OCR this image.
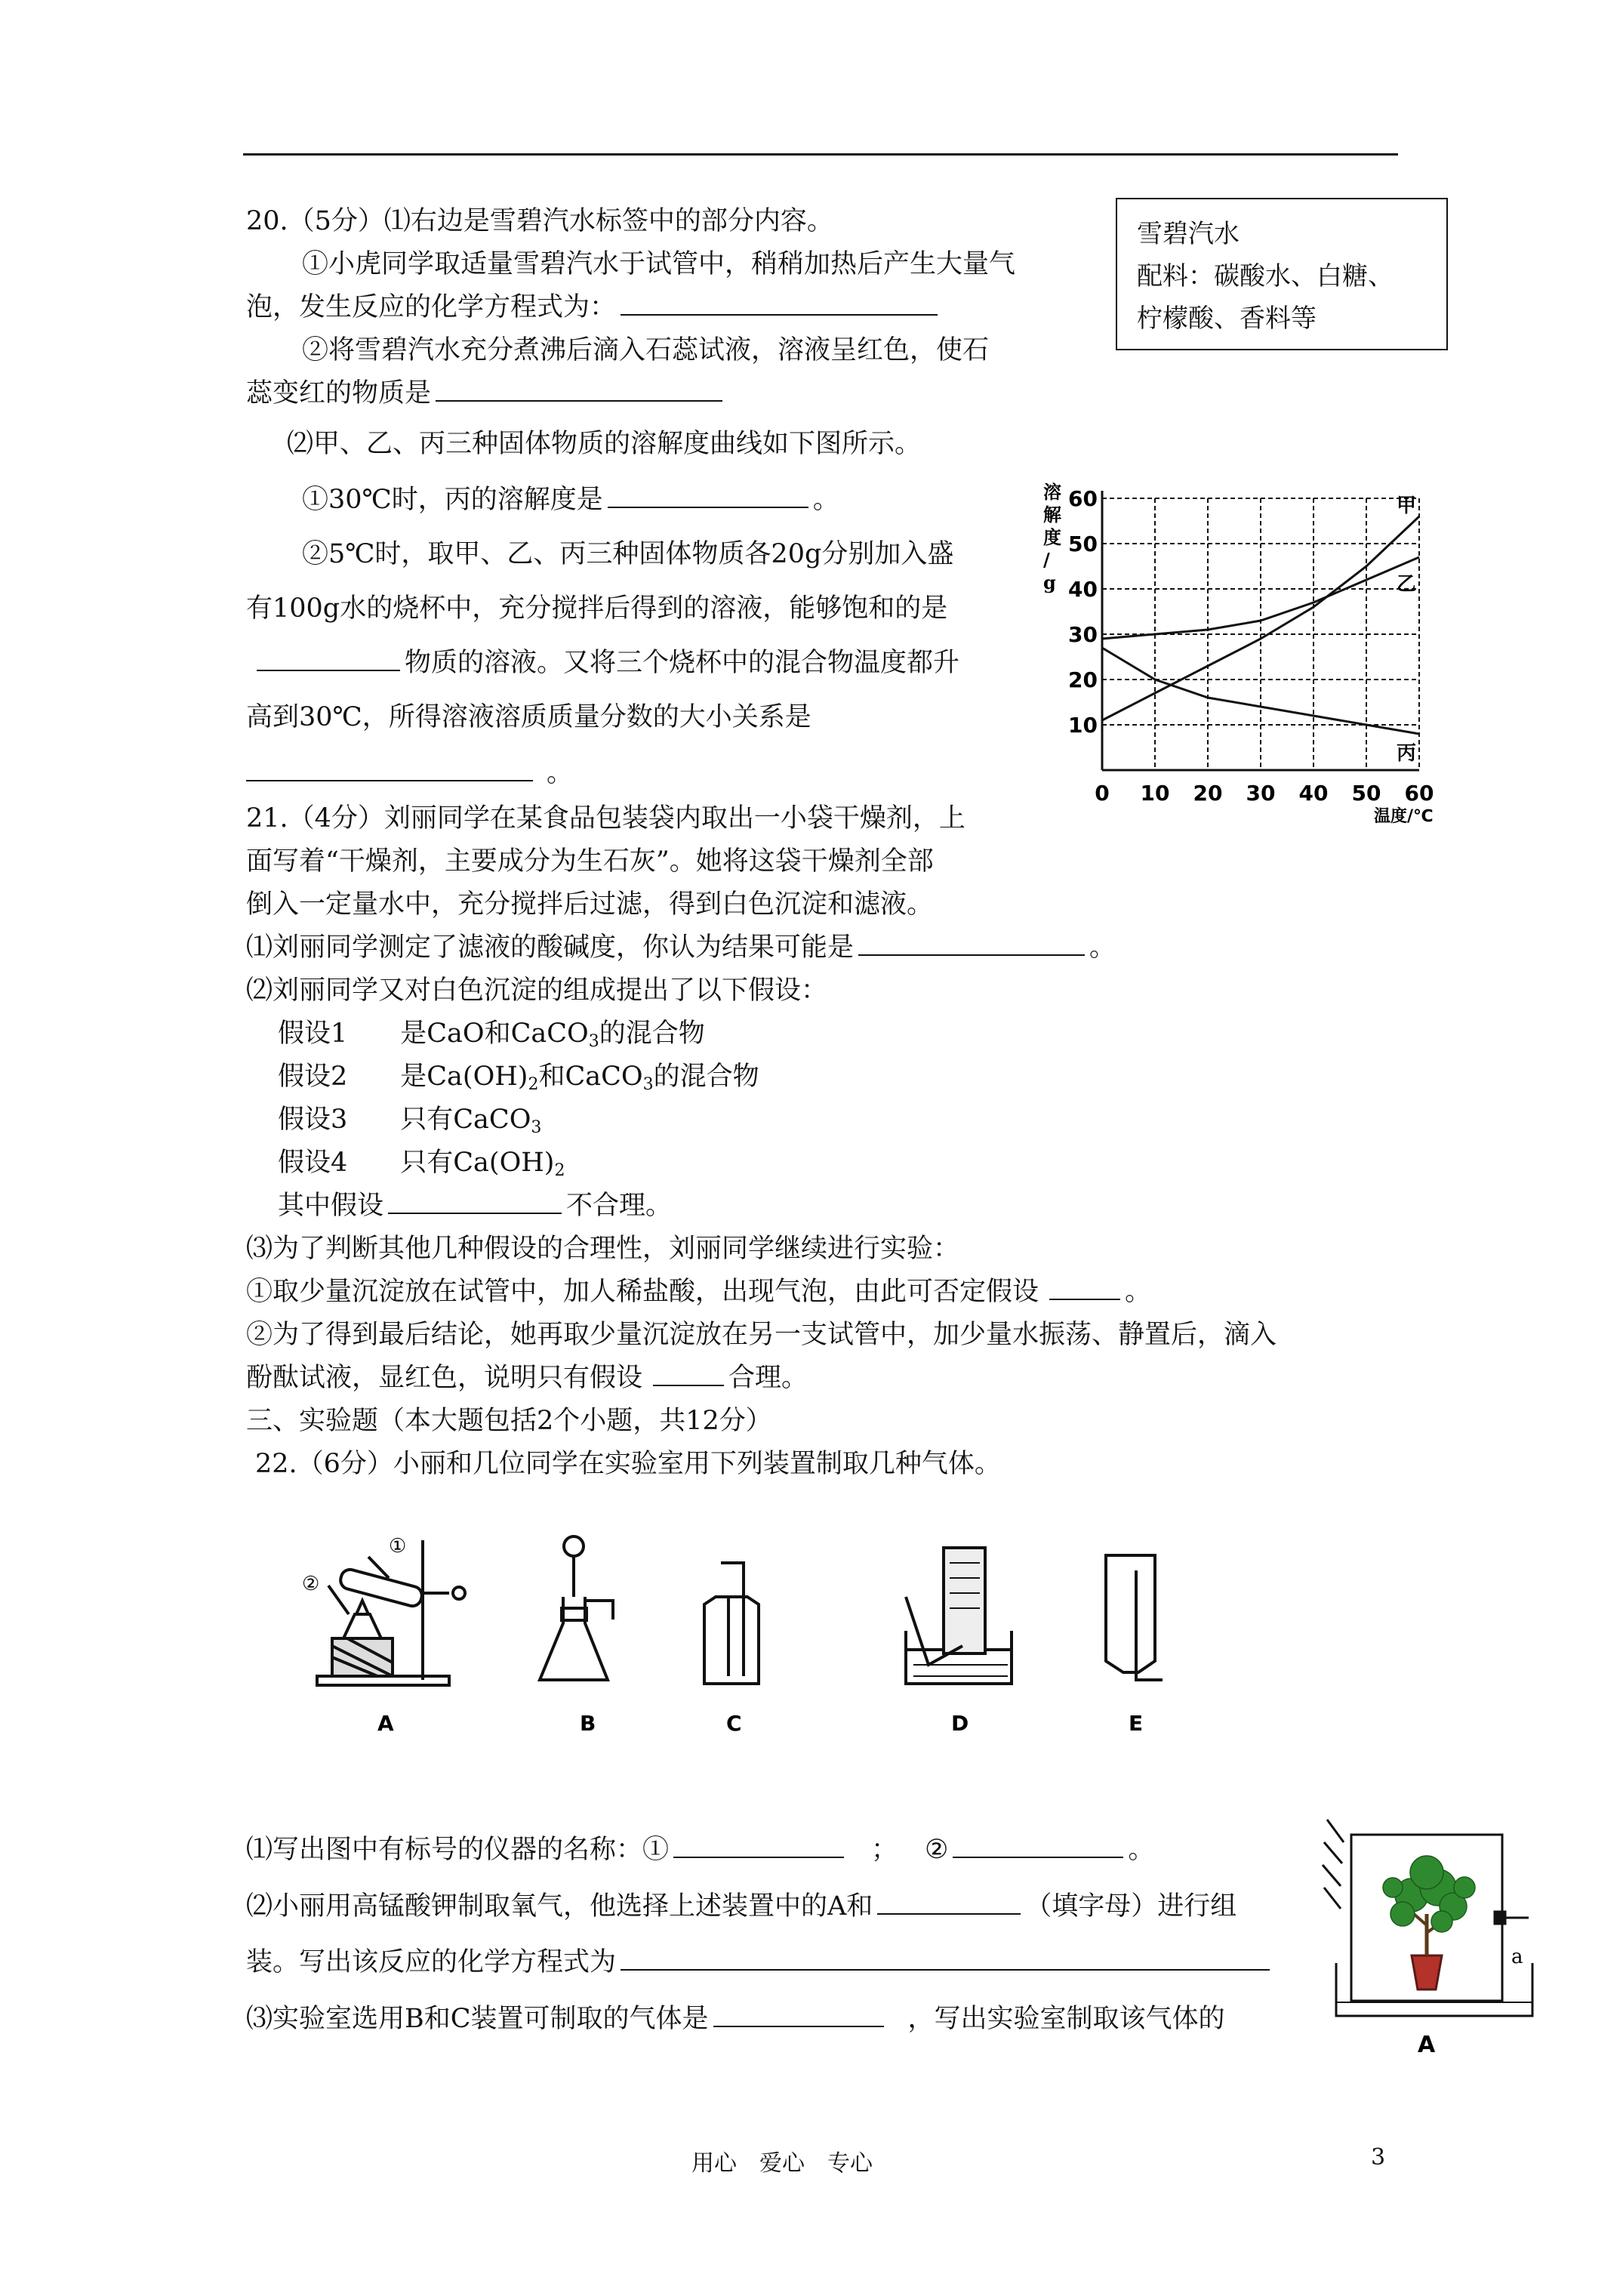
20.（5分）⑴右边是雪碧汽水标签中的部分内容。
①小虎同学取适量雪碧汽水于试管中，稍稍加热后产生大量气
泡，发生反应的化学方程式为：
②将雪碧汽水充分煮沸后滴入石蕊试液，溶液呈红色，使石
蕊变红的物质是
⑵甲、乙、丙三种固体物质的溶解度曲线如下图所示。
①30℃时，丙的溶解度是	。
②5℃时，取甲、乙、丙三种固体物质各20g分别加入盛
有100g水的烧杯中，充分搅拌后得到的溶液，能够饱和的是
物质的溶液。又将三个烧杯中的混合物温度都升
高到30℃，所得溶液溶质质量分数的大小关系是
。
雪碧汽水
配料：碳酸水、白糖、
柠檬酸、香料等
甲
乙
丙
0 10 20 30 40 50 60
10
20
30
40
50
60
溶解度/ g
温度/℃
21.（4分）刘丽同学在某食品包装袋内取出一小袋干燥剂，上
面写着“干燥剂，主要成分为生石灰”。她将这袋干燥剂全部
倒入一定量水中，充分搅拌后过滤，得到白色沉淀和滤液。
⑴刘丽同学测定了滤液的酸碱度，你认为结果可能是	。
⑵刘丽同学又对白色沉淀的组成提出了以下假设：
假设1　　是CaO和CaCO$_3$的混合物
假设2　　是$Ca(OH)_2$和CaCO$_3$的混合物
假设3　　只有CaCO$_3$
假设4　　只有$Ca(OH)_2$
其中假设	不合理。
⑶为了判断其他几种假设的合理性，刘丽同学继续进行实验：
①取少量沉淀放在试管中，加人稀盐酸，出现气泡，由此可否定假设	。
②为了得到最后结论，她再取少量沉淀放在另一支试管中，加少量水振荡、静置后，滴入
酚酞试液，显红色，说明只有假设	合理。
三、实验题（本大题包括2个小题，共12分）
22.（6分）小丽和几位同学在实验室用下列装置制取几种气体。
①
②
A	B	C	D	E
⑴写出图中有标号的仪器的名称：①	； ②	。
⑵小丽用高锰酸钾制取氧气，他选择上述装置中的A和	（填字母）进行组
装。写出该反应的化学方程式为
⑶实验室选用B和C装置可制取的气体是	，写出实验室制取该气体的
a
A
用心　爱心　专心	3
